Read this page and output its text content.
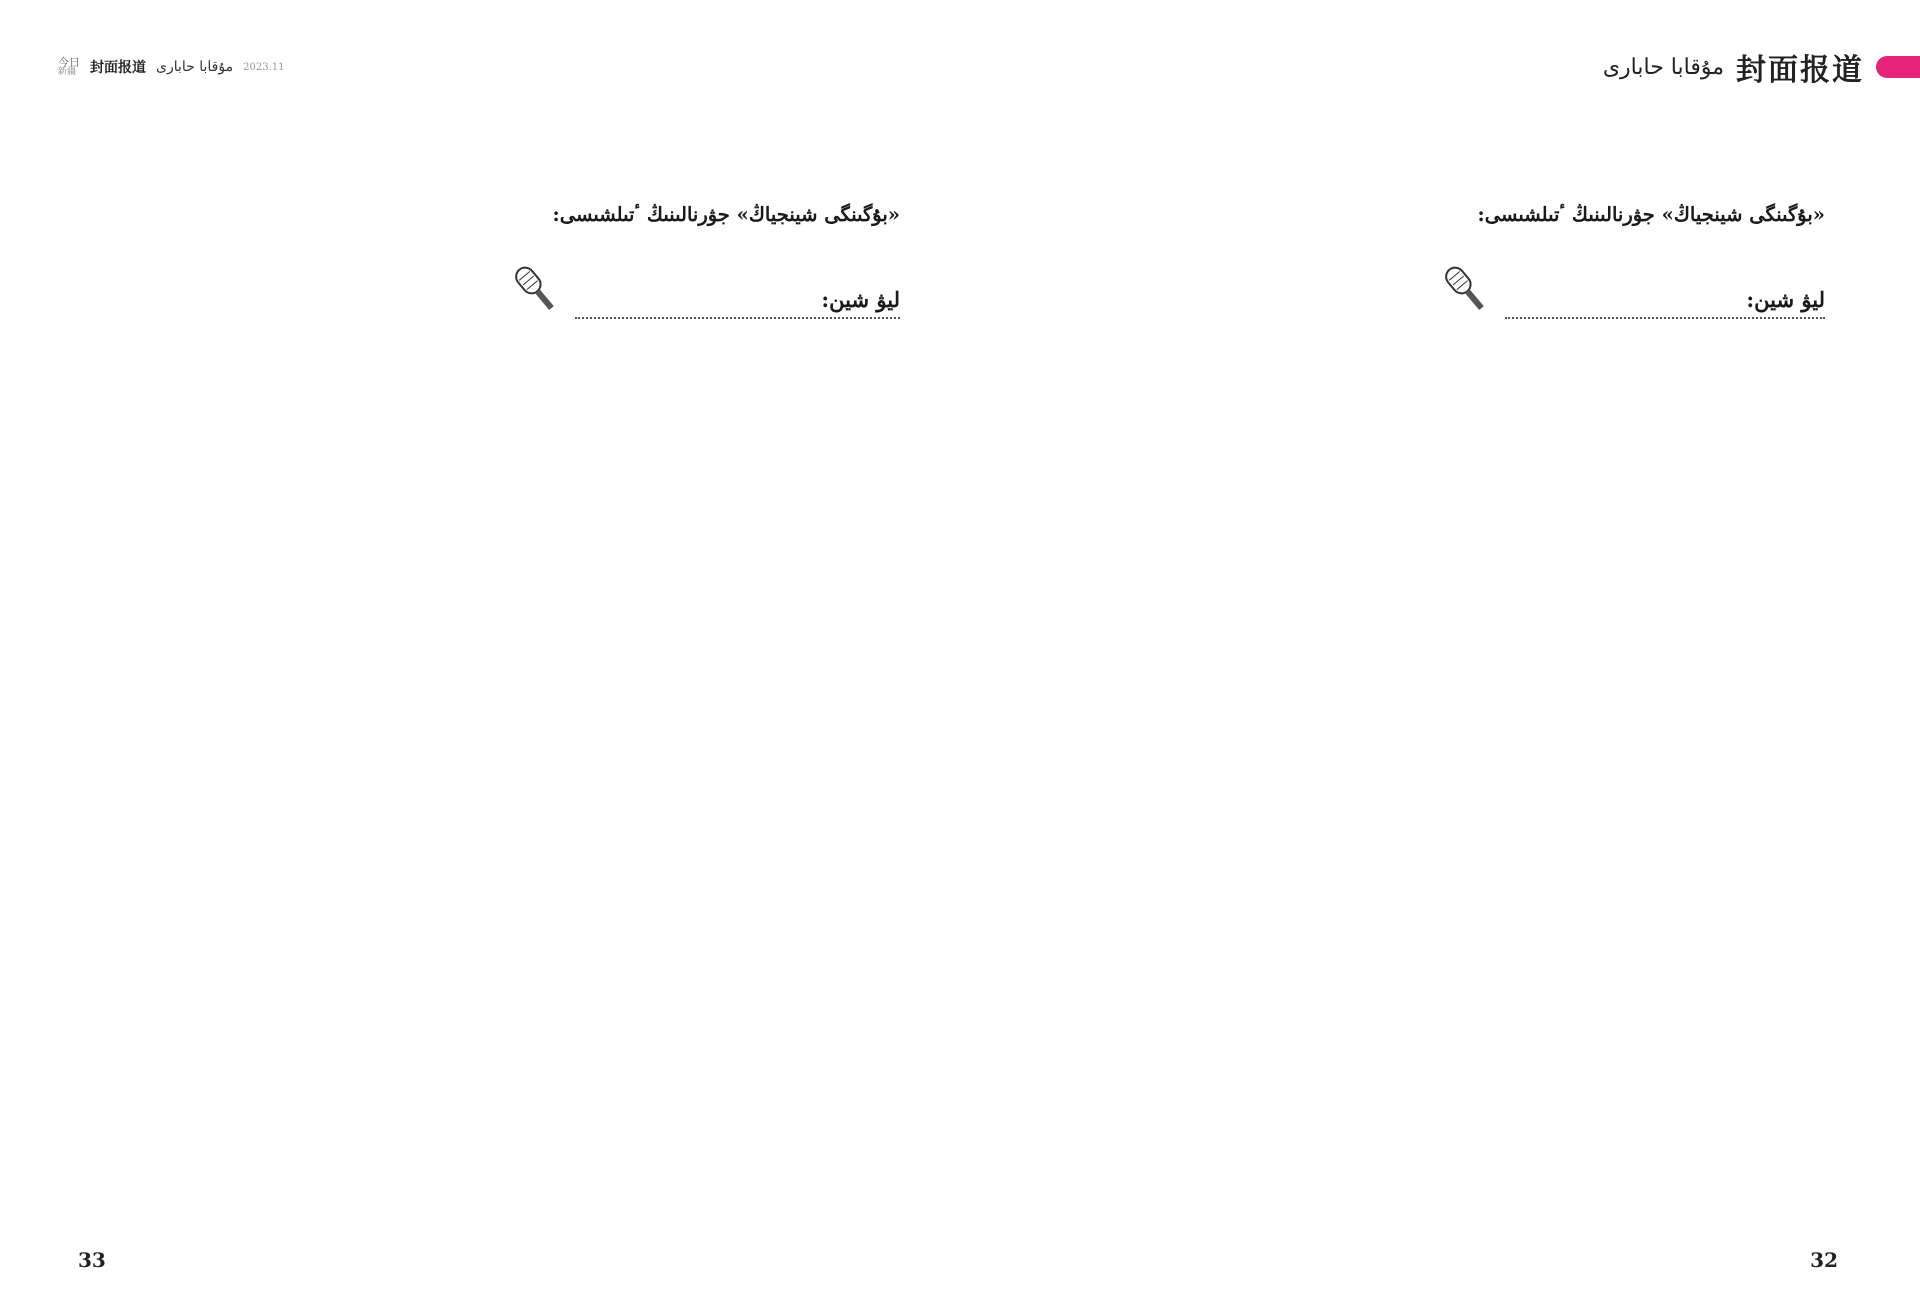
今日
新疆 封面报道 مۇقابا حابارى 2023.11	مۇقابا حابارى 封面报道

«بۇگىنگى شينجياڭ» جۋرنالىنىڭ ٴتىلشىسى:

ليۋ شين:

«بۇگىنگى شينجياڭ» جۋرنالىنىڭ ٴتىلشىسى:

ليۋ شين:

33	32
